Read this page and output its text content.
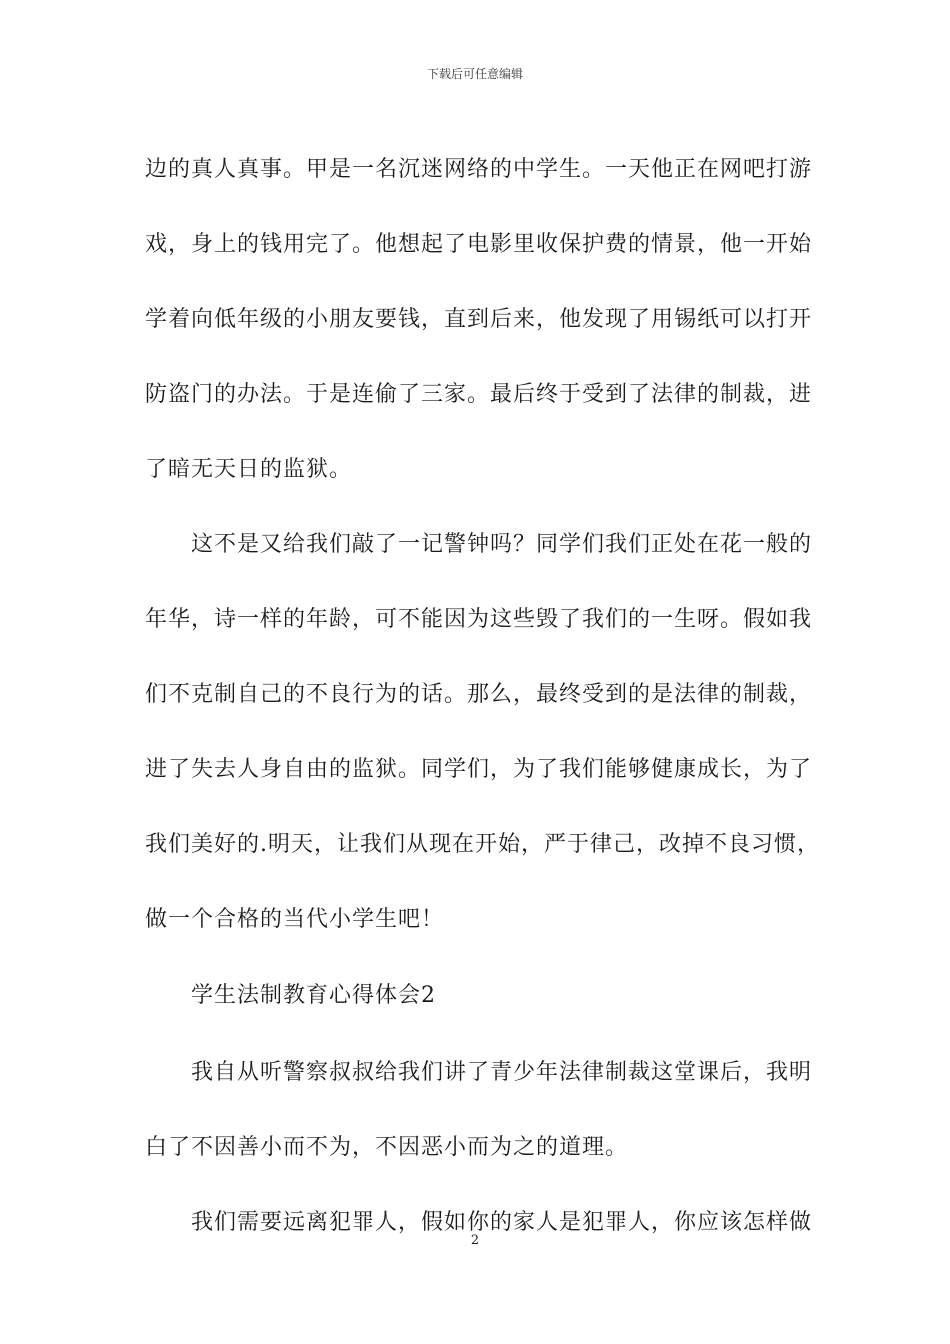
下载后可任意编辑
边的真人真事。甲是一名沉迷网络的中学生。一天他正在网吧打游
戏，身上的钱用完了。他想起了电影里收保护费的情景，他一开始
学着向低年级的小朋友要钱，直到后来，他发现了用锡纸可以打开
防盗门的办法。于是连偷了三家。最后终于受到了法律的制裁，进
了暗无天日的监狱。
这不是又给我们敲了一记警钟吗？同学们我们正处在花一般的
年华，诗一样的年龄，可不能因为这些毁了我们的一生呀。假如我
们不克制自己的不良行为的话。那么，最终受到的是法律的制裁，
进了失去人身自由的监狱。同学们，为了我们能够健康成长，为了
我们美好的.明天，让我们从现在开始，严于律己，改掉不良习惯，
做一个合格的当代小学生吧！
学生法制教育心得体会2
我自从听警察叔叔给我们讲了青少年法律制裁这堂课后，我明
白了不因善小而不为，不因恶小而为之的道理。
我们需要远离犯罪人，假如你的家人是犯罪人，你应该怎样做
2
